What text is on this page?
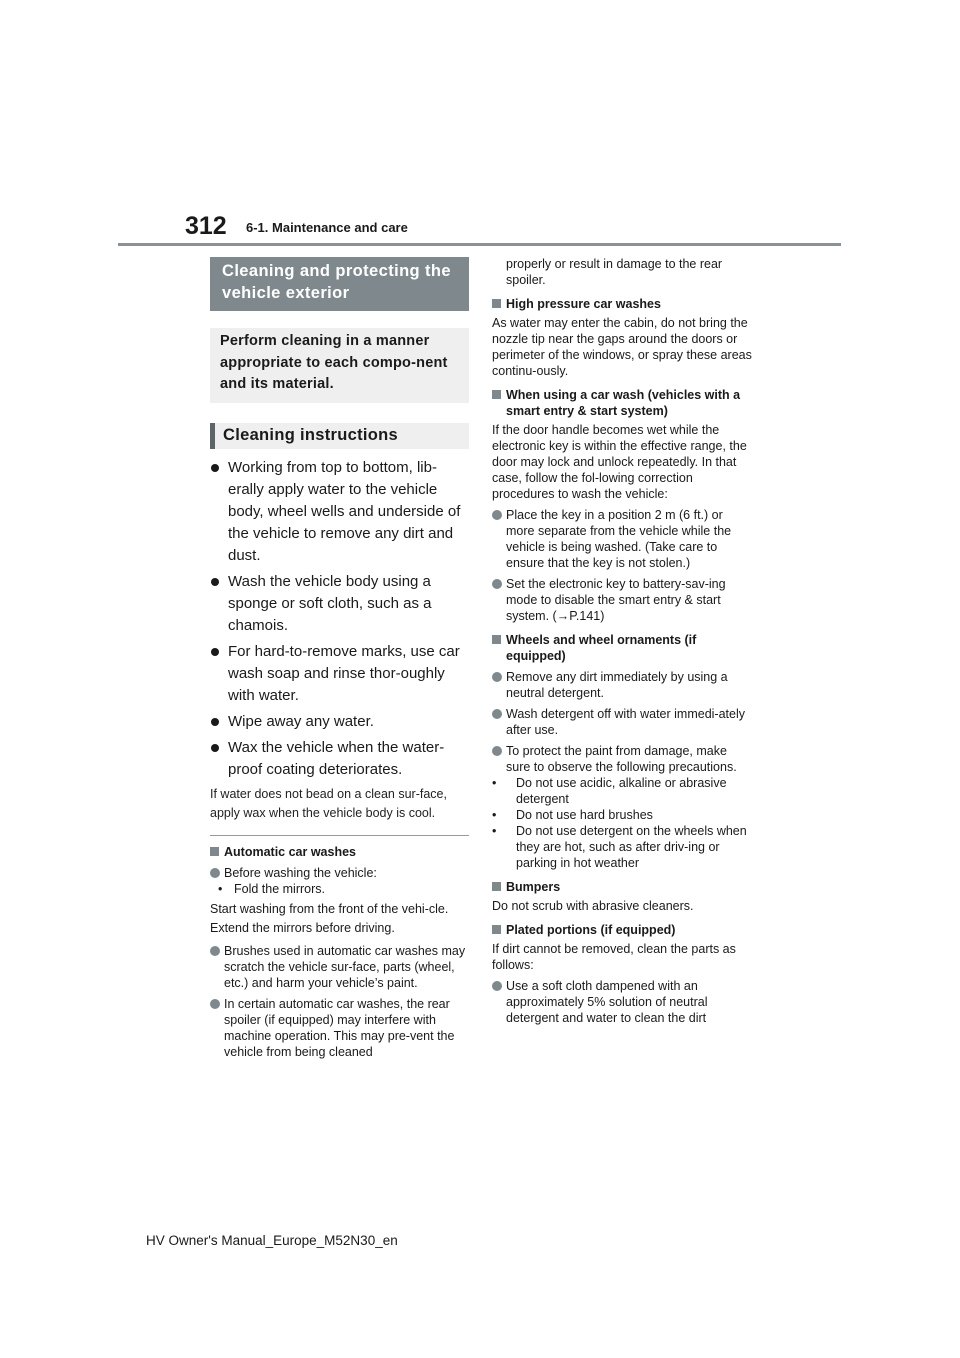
312 6-1. Maintenance and care
Cleaning and protecting the vehicle exterior
Perform cleaning in a manner appropriate to each compo-nent and its material.
Cleaning instructions
Working from top to bottom, lib-erally apply water to the vehicle body, wheel wells and underside of the vehicle to remove any dirt and dust.
Wash the vehicle body using a sponge or soft cloth, such as a chamois.
For hard-to-remove marks, use car wash soap and rinse thor-oughly with water.
Wipe away any water.
Wax the vehicle when the water-proof coating deteriorates.
If water does not bead on a clean sur-face, apply wax when the vehicle body is cool.
Automatic car washes
Before washing the vehicle:
• Fold the mirrors.
Start washing from the front of the vehi-cle. Extend the mirrors before driving.
Brushes used in automatic car washes may scratch the vehicle sur-face, parts (wheel, etc.) and harm your vehicle’s paint.
In certain automatic car washes, the rear spoiler (if equipped) may interfere with machine operation. This may pre-vent the vehicle from being cleaned
properly or result in damage to the rear spoiler.
High pressure car washes
As water may enter the cabin, do not bring the nozzle tip near the gaps around the doors or perimeter of the windows, or spray these areas continu-ously.
When using a car wash (vehicles with a smart entry & start system)
If the door handle becomes wet while the electronic key is within the effective range, the door may lock and unlock repeatedly. In that case, follow the fol-lowing correction procedures to wash the vehicle:
Place the key in a position 2 m (6 ft.) or more separate from the vehicle while the vehicle is being washed. (Take care to ensure that the key is not stolen.)
Set the electronic key to battery-sav-ing mode to disable the smart entry & start system. (→P.141)
Wheels and wheel ornaments (if equipped)
Remove any dirt immediately by using a neutral detergent.
Wash detergent off with water immedi-ately after use.
To protect the paint from damage, make sure to observe the following precautions.
•	Do not use acidic, alkaline or abrasive detergent
•	Do not use hard brushes
•	Do not use detergent on the wheels when they are hot, such as after driv-ing or parking in hot weather
Bumpers
Do not scrub with abrasive cleaners.
Plated portions (if equipped)
If dirt cannot be removed, clean the parts as follows:
Use a soft cloth dampened with an approximately 5% solution of neutral detergent and water to clean the dirt
HV Owner's Manual_Europe_M52N30_en
